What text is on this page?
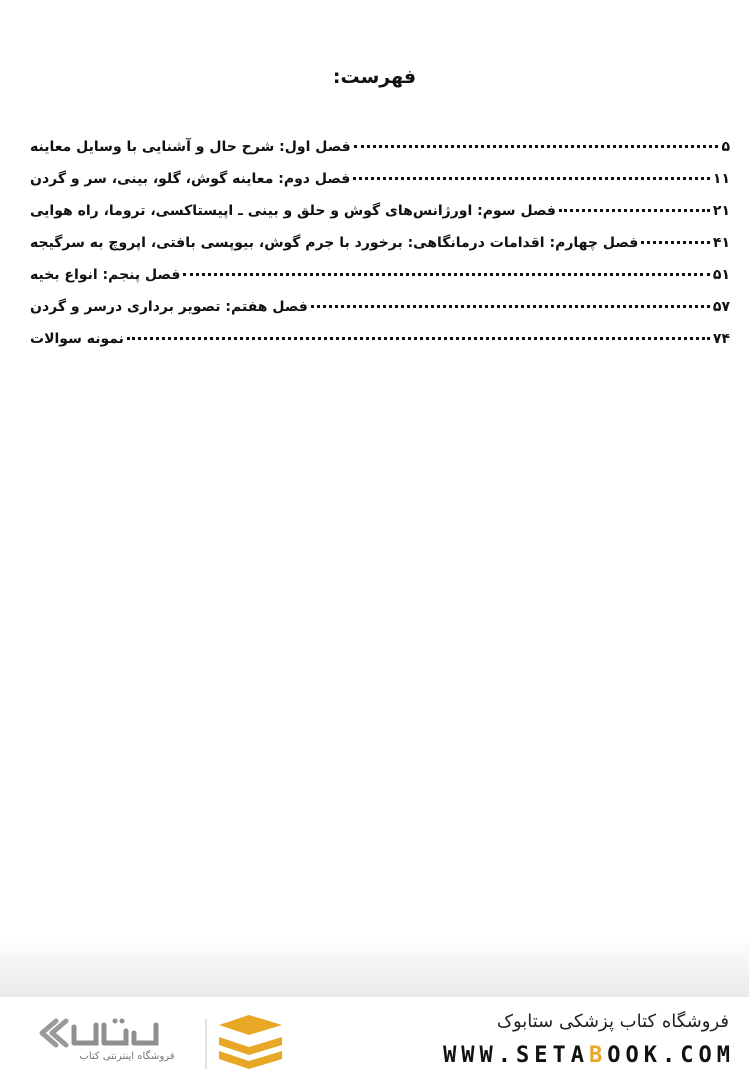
فهرست:
فصل اول: شرح حال و آشنایی با وسایل معاینه	۵
فصل دوم: معاینه گوش، گلو، بینی، سر و گردن	۱۱
فصل سوم: اورژانس‌های گوش و حلق و بینی ـ اپیستاکسی، تروما، راه هوایی	۲۱
فصل چهارم: اقدامات درمانگاهی: برخورد با جرم گوش، بیوپسی بافتی، اپروچ به سرگیجه	۴۱
فصل پنجم: انواع بخیه	۵۱
فصل هفتم: تصویر برداری درسر و گردن	۵۷
نمونه سوالات	۷۴
فروشگاه اینترنتی کتاب
فروشگاه کتاب پزشکی ستابوک
WWW.SETABOOK.COM
